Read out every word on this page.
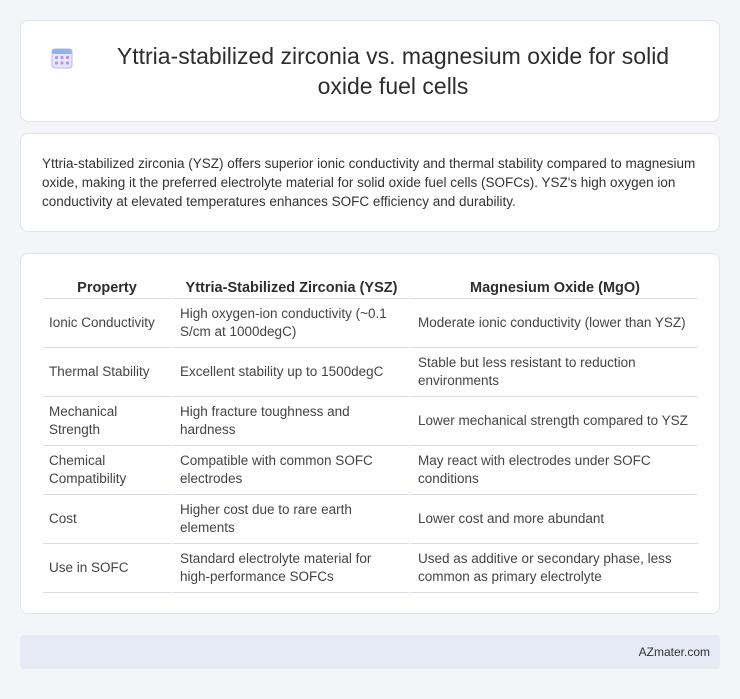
Yttria-stabilized zirconia vs. magnesium oxide for solid oxide fuel cells

Yttria-stabilized zirconia (YSZ) offers superior ionic conductivity and thermal stability compared to magnesium oxide, making it the preferred electrolyte material for solid oxide fuel cells (SOFCs). YSZ's high oxygen ion conductivity at elevated temperatures enhances SOFC efficiency and durability.

Property	Yttria-Stabilized Zirconia (YSZ)	Magnesium Oxide (MgO)
Ionic Conductivity	High oxygen-ion conductivity (~0.1 S/cm at 1000degC)	Moderate ionic conductivity (lower than YSZ)
Thermal Stability	Excellent stability up to 1500degC	Stable but less resistant to reduction environments
Mechanical Strength	High fracture toughness and hardness	Lower mechanical strength compared to YSZ
Chemical Compatibility	Compatible with common SOFC electrodes	May react with electrodes under SOFC conditions
Cost	Higher cost due to rare earth elements	Lower cost and more abundant
Use in SOFC	Standard electrolyte material for high-performance SOFCs	Used as additive or secondary phase, less common as primary electrolyte
AZmater.com
